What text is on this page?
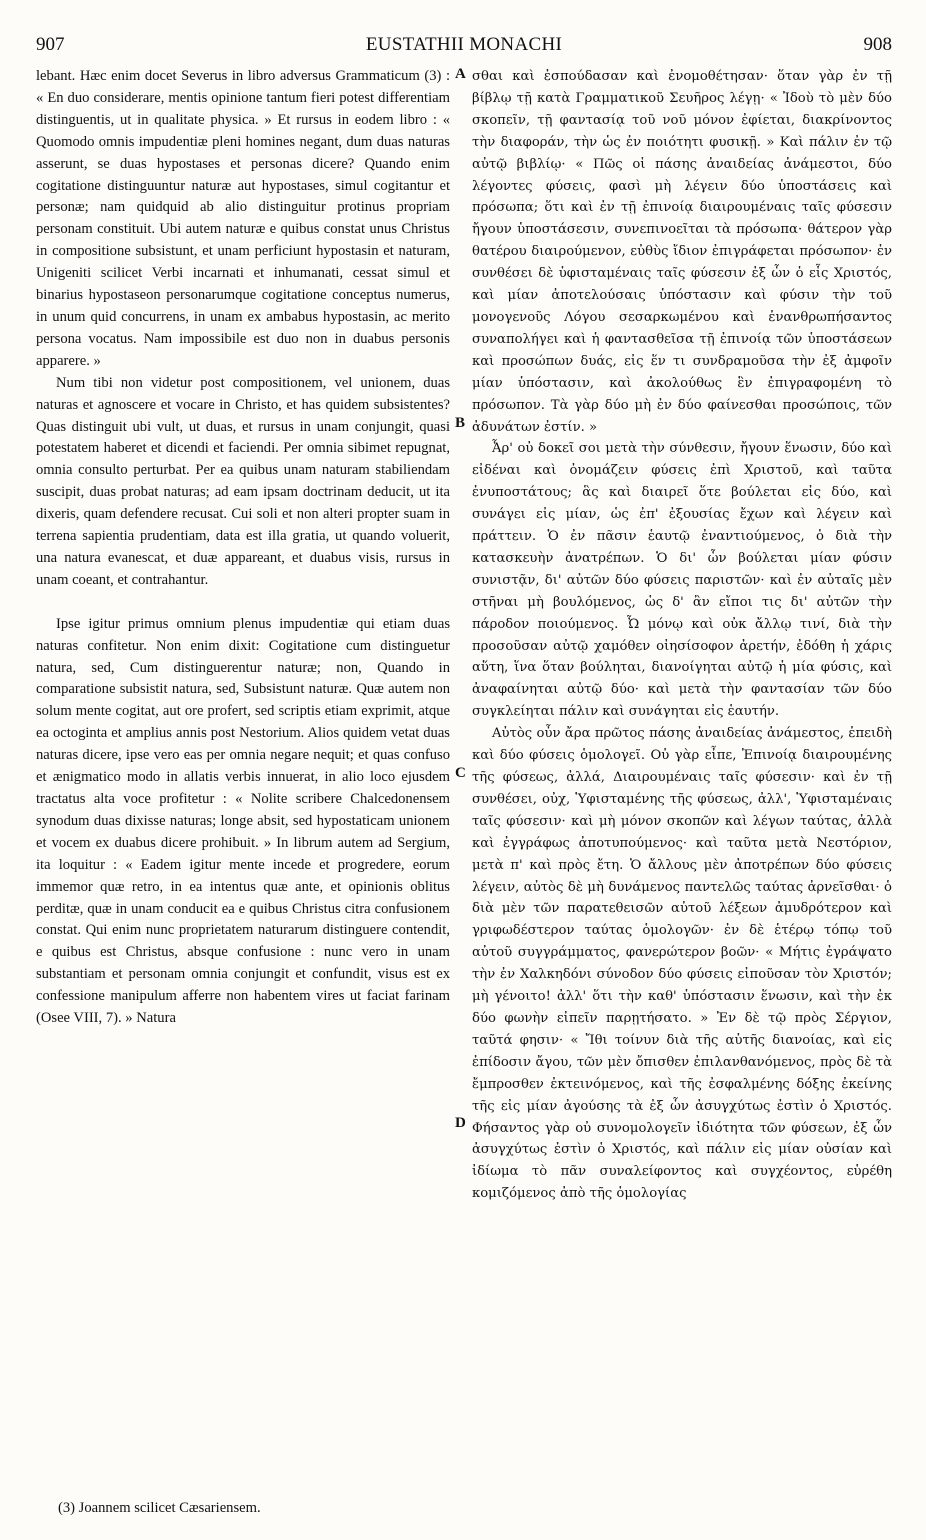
907	EUSTATHII MONACHI	908

lebant. Hæc enim docet Severus in libro adversus Grammaticum (3) : « En duo considerare, mentis opinione tantum fieri potest differentiam distinguentis, ut in qualitate physica. » Et rursus in eodem libro : « Quomodo omnis impudentiæ pleni homines negant, dum duas naturas asserunt, se duas hypostases et personas dicere? Quando enim cogitatione distinguuntur naturæ aut hypostases, simul cogitantur et personæ; nam quidquid ab alio distinguitur protinus propriam personam constituit. Ubi autem naturæ e quibus constat unus Christus in compositione subsistunt, et unam perficiunt hypostasin et naturam, Unigeniti scilicet Verbi incarnati et inhumanati, cessat simul et binarius hypostaseon personarumque cogitatione conceptus numerus, in unum quid concurrens, in unam ex ambabus hypostasin, ac merito persona vocatus. Nam impossibile est duo non in duabus personis apparere. »

Num tibi non videtur post compositionem, vel unionem, duas naturas et agnoscere et vocare in Christo, et has quidem subsistentes? Quas distinguit ubi vult, ut duas, et rursus in unam conjungit, quasi potestatem haberet et dicendi et faciendi. Per omnia sibimet repugnat, omnia consulto perturbat. Per ea quibus unam naturam stabiliendam suscipit, duas probat naturas; ad eam ipsam doctrinam deducit, ut ita dixeris, quam defendere recusat. Cui soli et non alteri propter suam in terrena sapientia prudentiam, data est illa gratia, ut quando voluerit, una natura evanescat, et duæ appareant, et duabus visis, rursus in unam coeant, et contrahantur.

Ipse igitur primus omnium plenus impudentiæ qui etiam duas naturas confitetur. Non enim dixit: Cogitatione cum distinguetur natura, sed, Cum distinguerentur naturæ; non, Quando in comparatione subsistit natura, sed, Subsistunt naturæ. Quæ autem non solum mente cogitat, aut ore profert, sed scriptis etiam exprimit, atque ea octoginta et amplius annis post Nestorium. Alios quidem vetat duas naturas dicere, ipse vero eas per omnia negare nequit; et quas confuso et ænigmatico modo in allatis verbis innuerat, in alio loco ejusdem tractatus alta voce profitetur : « Nolite scribere Chalcedonensem synodum duas dixisse naturas; longe absit, sed hypostaticam unionem et vocem ex duabus dicere prohibuit. » In librum autem ad Sergium, ita loquitur : « Eadem igitur mente incede et progredere, eorum immemor quæ retro, in ea intentus quæ ante, et opinionis oblitus perditæ, quæ in unam conducit ea e quibus Christus citra confusionem constat. Qui enim nunc proprietatem naturarum distinguere contendit, e quibus est Christus, absque confusione : nunc vero in unam substantiam et personam omnia conjungit et confundit, visus est ex confessione manipulum afferre non habentem vires ut faciat farinam (Osee VIII, 7). » Natura

σθαι καὶ ἐσπούδασαν καὶ ἐνομοθέτησαν· ὅταν γὰρ ἐν τῇ βίβλῳ τῇ κατὰ Γραμματικοῦ Σευῆρος λέγῃ· « Ἰδοὺ τὸ μὲν δύο σκοπεῖν, τῇ φαντασίᾳ τοῦ νοῦ μόνον ἐφίεται, διακρίνοντος τὴν διαφοράν, τὴν ὡς ἐν ποιότητι φυσικῇ. » Καὶ πάλιν ἐν τῷ αὐτῷ βιβλίῳ· « Πῶς οἱ πάσης ἀναιδείας ἀνάμεστοι, δύο λέγοντες φύσεις, φασὶ μὴ λέγειν δύο ὑποστάσεις καὶ πρόσωπα; ὅτι καὶ ἐν τῇ ἐπινοίᾳ διαιρουμέναις ταῖς φύσεσιν ἤγουν ὑποστάσεσιν, συνεπινοεῖται τὰ πρόσωπα· θάτερον γὰρ θατέρου διαιρούμενον, εὐθὺς ἴδιον ἐπιγράφεται πρόσωπον· ἐν συνθέσει δὲ ὑφισταμέναις ταῖς φύσεσιν ἐξ ὧν ὁ εἷς Χριστός, καὶ μίαν ἀποτελούσαις ὑπόστασιν καὶ φύσιν τὴν τοῦ μονογενοῦς Λόγου σεσαρκωμένου καὶ ἐνανθρωπήσαντος συναπολήγει καὶ ἡ φαντασθεῖσα τῇ ἐπινοίᾳ τῶν ὑποστάσεων καὶ προσώπων δυάς, εἰς ἕν τι συνδραμοῦσα τὴν ἐξ ἀμφοῖν μίαν ὑπόστασιν, καὶ ἀκολούθως ἓν ἐπιγραφομένη τὸ πρόσωπον. Τὰ γὰρ δύο μὴ ἐν δύο φαίνεσθαι προσώποις, τῶν ἀδυνάτων ἐστίν. »

Ἆρ' οὐ δοκεῖ σοι μετὰ τὴν σύνθεσιν, ἤγουν ἕνωσιν, δύο καὶ εἰδέναι καὶ ὀνομάζειν φύσεις ἐπὶ Χριστοῦ, καὶ ταῦτα ἐνυποστάτους; ἃς καὶ διαιρεῖ ὅτε βούλεται εἰς δύο, καὶ συνάγει εἰς μίαν, ὡς ἐπ' ἐξουσίας ἔχων καὶ λέγειν καὶ πράττειν. Ὁ ἐν πᾶσιν ἑαυτῷ ἐναντιούμενος, ὁ διὰ τὴν κατασκευὴν ἀνατρέπων. Ὁ δι' ὧν βούλεται μίαν φύσιν συνιστᾷν, δι' αὐτῶν δύο φύσεις παριστῶν· καὶ ἐν αὐταῖς μὲν στῆναι μὴ βουλόμενος, ὡς δ' ἂν εἴποι τις δι' αὐτῶν τὴν πάροδον ποιούμενος. Ὦ μόνῳ καὶ οὐκ ἄλλῳ τινί, διὰ τὴν προσοῦσαν αὐτῷ χαμόθεν οἰησίσοφον ἀρετήν, ἐδόθη ἡ χάρις αὕτη, ἵνα ὅταν βούληται, διανοίγηται αὐτῷ ἡ μία φύσις, καὶ ἀναφαίνηται αὐτῷ δύο· καὶ μετὰ τὴν φαντασίαν τῶν δύο συγκλείηται πάλιν καὶ συνάγηται εἰς ἑαυτήν.

Αὐτὸς οὖν ἄρα πρῶτος πάσης ἀναιδείας ἀνάμεστος, ἐπειδὴ καὶ δύο φύσεις ὁμολογεῖ. Οὐ γὰρ εἶπε, Ἐπινοίᾳ διαιρουμένης τῆς φύσεως, ἀλλά, Διαιρουμέναις ταῖς φύσεσιν· καὶ ἐν τῇ συνθέσει, οὐχ, Ὑφισταμένης τῆς φύσεως, ἀλλ', Ὑφισταμέναις ταῖς φύσεσιν· καὶ μὴ μόνον σκοπῶν καὶ λέγων ταύτας, ἀλλὰ καὶ ἐγγράφως ἀποτυπούμενος· καὶ ταῦτα μετὰ Νεστόριον, μετὰ π' καὶ πρὸς ἔτη. Ὁ ἄλλους μὲν ἀποτρέπων δύο φύσεις λέγειν, αὐτὸς δὲ μὴ δυνάμενος παντελῶς ταύτας ἀρνεῖσθαι· ὁ διὰ μὲν τῶν παρατεθεισῶν αὐτοῦ λέξεων ἀμυδρότερον καὶ γριφωδέστερον ταύτας ὁμολογῶν· ἐν δὲ ἑτέρῳ τόπῳ τοῦ αὐτοῦ συγγράμματος, φανερώτερον βοῶν· « Μήτις ἐγράψατο τὴν ἐν Χαλκηδόνι σύνοδον δύο φύσεις εἰποῦσαν τὸν Χριστόν; μὴ γένοιτο! ἀλλ' ὅτι τὴν καθ' ὑπόστασιν ἕνωσιν, καὶ τὴν ἐκ δύο φωνὴν εἰπεῖν παρῃτήσατο. » Ἐν δὲ τῷ πρὸς Σέργιον, ταῦτά φησιν· « Ἴθι τοίνυν διὰ τῆς αὐτῆς διανοίας, καὶ εἰς ἐπίδοσιν ἄγου, τῶν μὲν ὄπισθεν ἐπιλανθανόμενος, πρὸς δὲ τὰ ἔμπροσθεν ἐκτεινόμενος, καὶ τῆς ἐσφαλμένης δόξης ἐκείνης τῆς εἰς μίαν ἀγούσης τὰ ἐξ ὧν ἀσυγχύτως ἐστὶν ὁ Χριστός. Φήσαντος γὰρ οὐ συνομολογεῖν ἰδιότητα τῶν φύσεων, ἐξ ὧν ἀσυγχύτως ἐστὶν ὁ Χριστός, καὶ πάλιν εἰς μίαν οὐσίαν καὶ ἰδίωμα τὸ πᾶν συναλείφοντος καὶ συγχέοντος, εὑρέθη κομιζόμενος ἀπὸ τῆς ὁμολογίας

A
B
C
D
(3) Joannem scilicet Cæsariensem.
